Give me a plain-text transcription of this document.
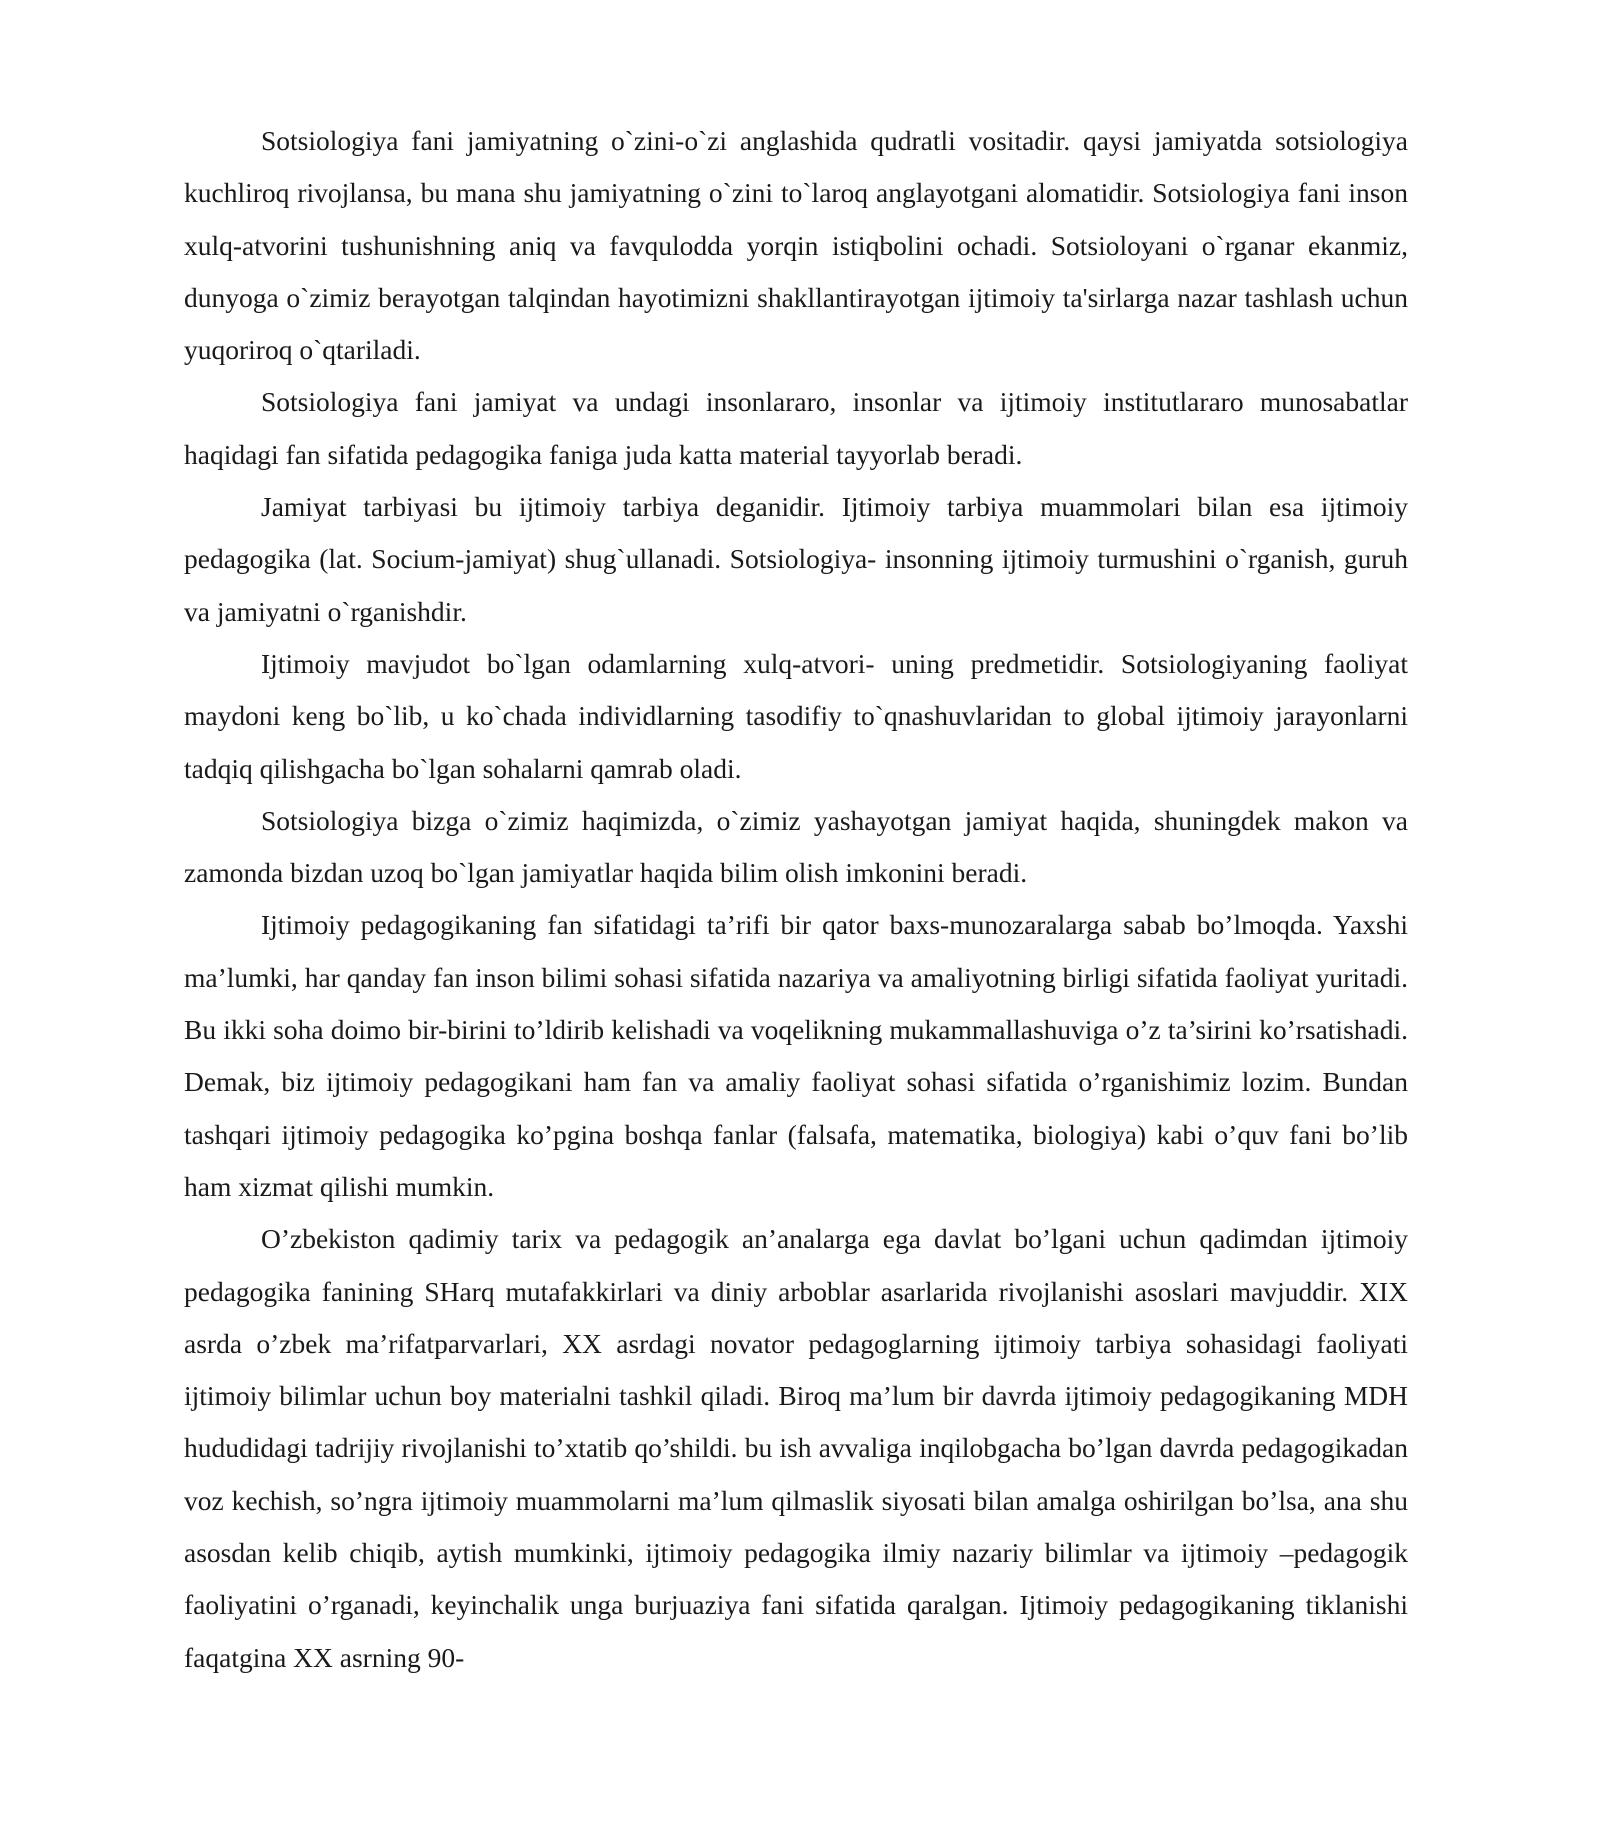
Sotsiologiya fani jamiyatning o`zini-o`zi anglashida qudratli vositadir. qaysi jamiyatda sotsiologiya kuchliroq rivojlansa, bu mana shu jamiyatning o`zini to`laroq anglayotgani alomatidir. Sotsiologiya fani inson xulq-atvorini tushunishning aniq va favqulodda yorqin istiqbolini ochadi. Sotsioloyani o`rganar ekanmiz, dunyoga o`zimiz berayotgan talqindan hayotimizni shakllantirayotgan ijtimoiy ta'sirlarga nazar tashlash uchun yuqoriroq o`qtariladi.

Sotsiologiya fani jamiyat va undagi insonlararo, insonlar va ijtimoiy institutlararo munosabatlar haqidagi fan sifatida pedagogika faniga juda katta material tayyorlab beradi.

Jamiyat tarbiyasi bu ijtimoiy tarbiya deganidir. Ijtimoiy tarbiya muammolari bilan esa ijtimoiy pedagogika (lat. Socium-jamiyat) shug`ullanadi. Sotsiologiya- insonning ijtimoiy turmushini o`rganish, guruh va jamiyatni o`rganishdir.

Ijtimoiy mavjudot bo`lgan odamlarning xulq-atvori- uning predmetidir. Sotsiologiyaning faoliyat maydoni keng bo`lib, u ko`chada individlarning tasodifiy to`qnashuvlaridan to global ijtimoiy jarayonlarni tadqiq qilishgacha bo`lgan sohalarni qamrab oladi.

Sotsiologiya bizga o`zimiz haqimizda, o`zimiz yashayotgan jamiyat haqida, shuningdek makon va zamonda bizdan uzoq bo`lgan jamiyatlar haqida bilim olish imkonini beradi.

Ijtimoiy pedagogikaning fan sifatidagi ta’rifi bir qator baxs-munozaralarga sabab bo’lmoqda. Yaxshi ma’lumki, har qanday fan inson bilimi sohasi sifatida nazariya va amaliyotning birligi sifatida faoliyat yuritadi. Bu ikki soha doimo bir-birini to’ldirib kelishadi va voqelikning mukammallashuviga o’z ta’sirini ko’rsatishadi. Demak, biz ijtimoiy pedagogikani ham fan va amaliy faoliyat sohasi sifatida o’rganishimiz lozim. Bundan tashqari ijtimoiy pedagogika ko’pgina boshqa fanlar (falsafa, matematika, biologiya) kabi o’quv fani bo’lib ham xizmat qilishi mumkin.

O’zbekiston qadimiy tarix va pedagogik an’analarga ega davlat bo’lgani uchun qadimdan ijtimoiy pedagogika fanining SHarq mutafakkirlari va diniy arboblar asarlarida rivojlanishi asoslari mavjuddir. XIX asrda o’zbek ma’rifatparvarlari, XX asrdagi novator pedagoglarning ijtimoiy tarbiya sohasidagi faoliyati ijtimoiy bilimlar uchun boy materialni tashkil qiladi. Biroq ma’lum bir davrda ijtimoiy pedagogikaning MDH hududidagi tadrijiy rivojlanishi to’xtatib qo’shildi. bu ish avvaliga inqilobgacha bo’lgan davrda pedagogikadan voz kechish, so’ngra ijtimoiy muammolarni ma’lum qilmaslik siyosati bilan amalga oshirilgan bo’lsa, ana shu asosdan kelib chiqib, aytish mumkinki, ijtimoiy pedagogika ilmiy nazariy bilimlar va ijtimoiy –pedagogik faoliyatini o’rganadi, keyinchalik unga burjuaziya fani sifatida qaralgan. Ijtimoiy pedagogikaning tiklanishi faqatgina XX asrning 90-
